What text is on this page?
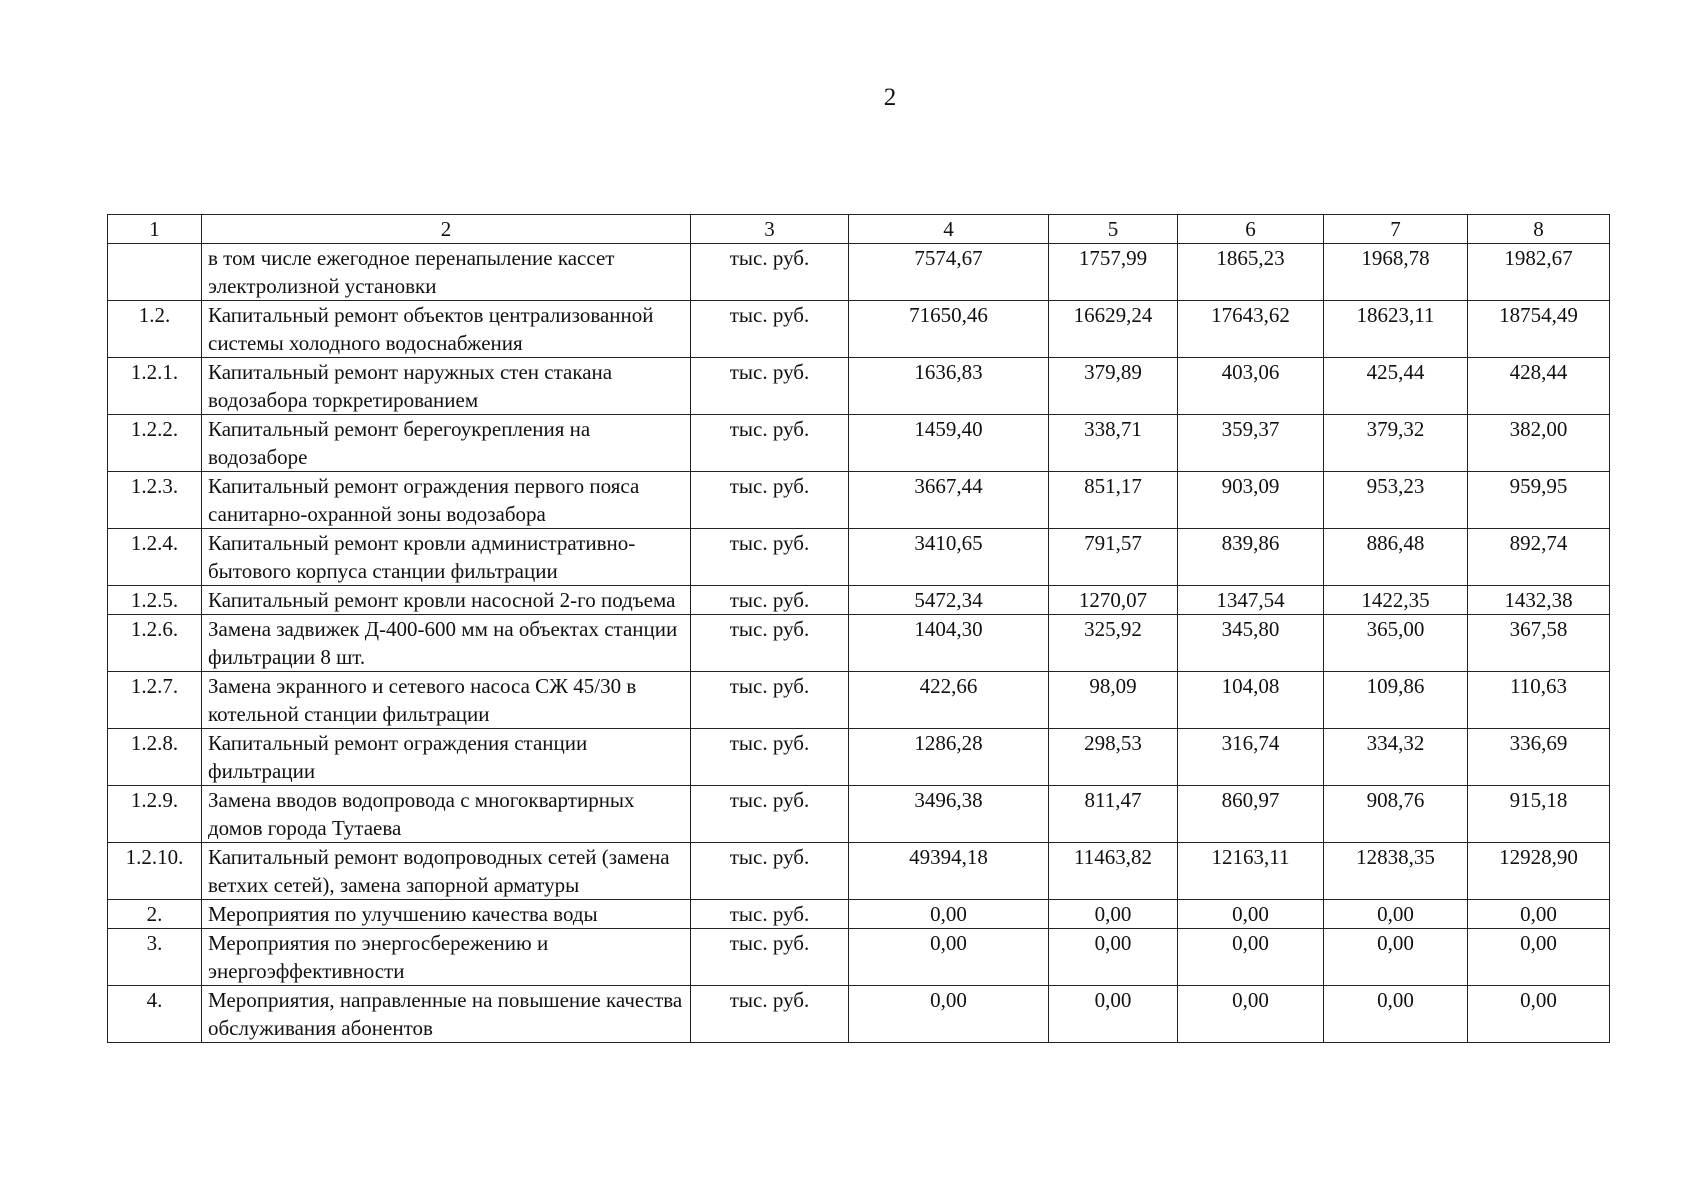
2
1	2	3	4	5	6	7	8
	в том числе ежегодное перенапыление кассет электролизной установки	тыс. руб.	7574,67	1757,99	1865,23	1968,78	1982,67
1.2.	Капитальный ремонт объектов централизованной системы холодного водоснабжения	тыс. руб.	71650,46	16629,24	17643,62	18623,11	18754,49
1.2.1.	Капитальный ремонт наружных стен стакана водозабора торкретированием	тыс. руб.	1636,83	379,89	403,06	425,44	428,44
1.2.2.	Капитальный ремонт берегоукрепления на водозаборе	тыс. руб.	1459,40	338,71	359,37	379,32	382,00
1.2.3.	Капитальный ремонт ограждения первого пояса санитарно-охранной зоны водозабора	тыс. руб.	3667,44	851,17	903,09	953,23	959,95
1.2.4.	Капитальный ремонт кровли административно-бытового корпуса станции фильтрации	тыс. руб.	3410,65	791,57	839,86	886,48	892,74
1.2.5.	Капитальный ремонт кровли насосной 2-го подъема	тыс. руб.	5472,34	1270,07	1347,54	1422,35	1432,38
1.2.6.	Замена задвижек Д-400-600 мм на объектах станции фильтрации 8 шт.	тыс. руб.	1404,30	325,92	345,80	365,00	367,58
1.2.7.	Замена экранного и сетевого насоса СЖ 45/30 в котельной станции фильтрации	тыс. руб.	422,66	98,09	104,08	109,86	110,63
1.2.8.	Капитальный ремонт ограждения станции фильтрации	тыс. руб.	1286,28	298,53	316,74	334,32	336,69
1.2.9.	Замена вводов водопровода с многоквартирных домов города Тутаева	тыс. руб.	3496,38	811,47	860,97	908,76	915,18
1.2.10.	Капитальный ремонт водопроводных сетей (замена ветхих сетей), замена запорной арматуры	тыс. руб.	49394,18	11463,82	12163,11	12838,35	12928,90
2.	Мероприятия по улучшению качества воды	тыс. руб.	0,00	0,00	0,00	0,00	0,00
3.	Мероприятия по энергосбережению и энергоэффективности	тыс. руб.	0,00	0,00	0,00	0,00	0,00
4.	Мероприятия, направленные на повышение качества обслуживания абонентов	тыс. руб.	0,00	0,00	0,00	0,00	0,00
